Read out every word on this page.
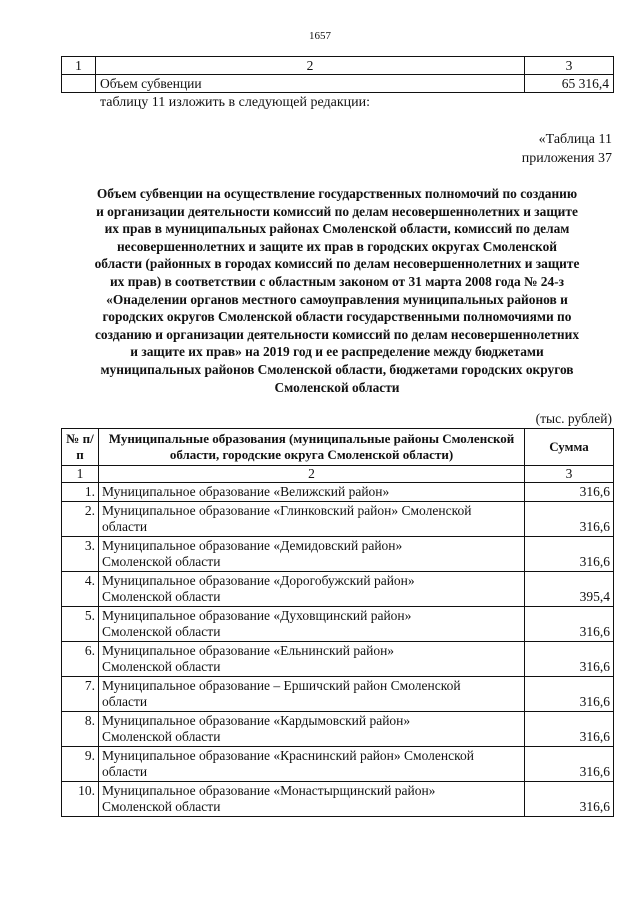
1657
1	2	3
	Объем субвенции	65 316,4
таблицу 11 изложить в следующей редакции:
«Таблица 11
приложения 37
Объем субвенции на осуществление государственных полномочий по созданию
и организации деятельности комиссий по делам несовершеннолетних и защите
их прав в муниципальных районах Смоленской области, комиссий по делам
несовершеннолетних и защите их прав в городских округах Смоленской
области (районных в городах комиссий по делам несовершеннолетних и защите
их прав) в соответствии с областным законом от 31 марта 2008 года № 24-з
«Онаделении органов местного самоуправления муниципальных районов и
городских округов Смоленской области государственными полномочиями по
созданию и организации деятельности комиссий по делам несовершеннолетних
и защите их прав» на 2019 год и ее распределение между бюджетами
муниципальных районов Смоленской области, бюджетами городских округов
Смоленской области
(тыс. рублей)
№ п/п	Муниципальные образования (муниципальные районы Смоленской области, городские округа Смоленской области)	Сумма
1	2	3
1.	Муниципальное образование «Велижский район»	316,6
2.	Муниципальное образование «Глинковский район» Смоленской
области	316,6
3.	Муниципальное образование «Демидовский район»
Смоленской области	316,6
4.	Муниципальное образование «Дорогобужский район»
Смоленской области	395,4
5.	Муниципальное образование «Духовщинский район»
Смоленской области	316,6
6.	Муниципальное образование «Ельнинский район»
Смоленской области	316,6
7.	Муниципальное образование – Ершичский район Смоленской
области	316,6
8.	Муниципальное образование «Кардымовский район»
Смоленской области	316,6
9.	Муниципальное образование «Краснинский район» Смоленской
области	316,6
10.	Муниципальное образование «Монастырщинский район»
Смоленской области	316,6
